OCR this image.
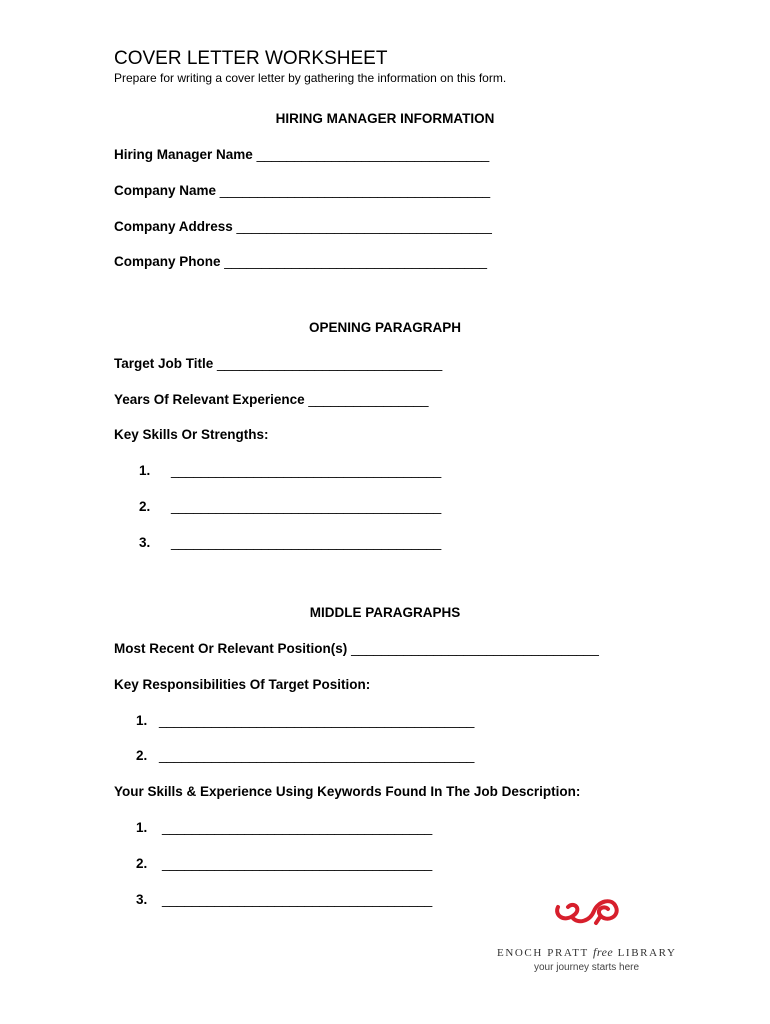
COVER LETTER WORKSHEET
Prepare for writing a cover letter by gathering the information on this form.
HIRING MANAGER INFORMATION
Hiring Manager Name _______________________________
Company Name ____________________________________
Company Address __________________________________
Company Phone ___________________________________
OPENING PARAGRAPH
Target Job Title ______________________________
Years Of Relevant Experience ________________
Key Skills Or Strengths:
1. ____________________________________
2. ____________________________________
3. ____________________________________
MIDDLE PARAGRAPHS
Most Recent Or Relevant Position(s) _________________________________
Key Responsibilities Of Target Position:
1. __________________________________________
2. __________________________________________
Your Skills & Experience Using Keywords Found In The Job Description:
1. ____________________________________
2. ____________________________________
3. ____________________________________
ENOCH PRATT free LIBRARY
your journey starts here
